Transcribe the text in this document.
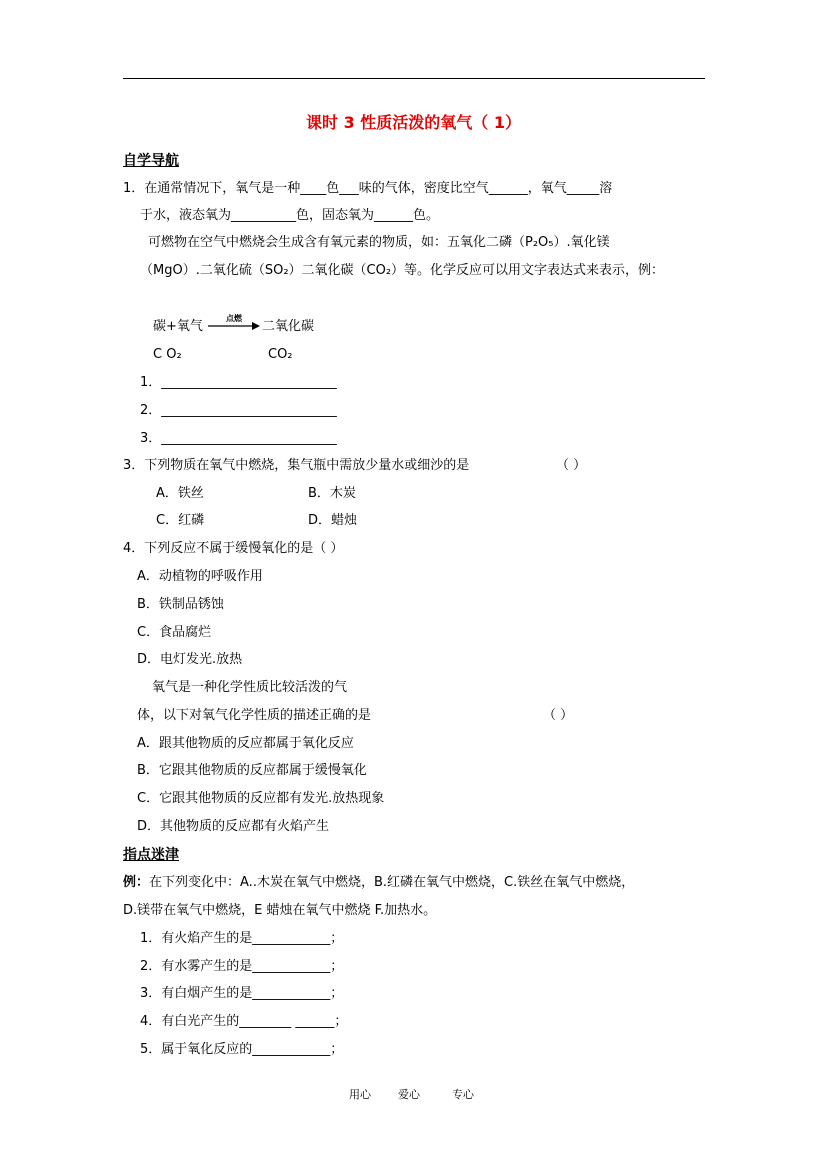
课时 3 性质活泼的氧气（ 1）
自学导航
1．在通常情况下，氧气是一种____色___味的气体，密度比空气______，氧气_____溶
于水，液态氧为__________色，固态氧为______色。
可燃物在空气中燃烧会生成含有氧元素的物质，如：五氧化二磷（P₂O₅）.氧化镁
（MgO）.二氧化硫（SO₂）二氧化碳（CO₂）等。化学反应可以用文字表达式来表示，例：
碳+氧气
点燃
→ 二氧化碳
C O₂	CO₂
1．___________________________
2．___________________________
3．___________________________
3．下列物质在氧气中燃烧，集气瓶中需放少量水或细沙的是	（ ）
A．铁丝	B．木炭
C．红磷	D．蜡烛
4．下列反应不属于缓慢氧化的是（ ）
A．动植物的呼吸作用
B．铁制品锈蚀
C．食品腐烂
D．电灯发光.放热
氧气是一种化学性质比较活泼的气
体，以下对氧气化学性质的描述正确的是	（ ）
A．跟其他物质的反应都属于氧化反应
B．它跟其他物质的反应都属于缓慢氧化
C．它跟其他物质的反应都有发光.放热现象
D．其他物质的反应都有火焰产生
指点迷津
例：在下列变化中：A..木炭在氧气中燃烧，B.红磷在氧气中燃烧，C.铁丝在氧气中燃烧，
D.镁带在氧气中燃烧，E 蜡烛在氧气中燃烧 F.加热水。
1．有火焰产生的是____________；
2．有水雾产生的是____________；
3．有白烟产生的是____________；
4．有白光产生的________ ______；
5．属于氧化反应的____________；
用心 爱心	专心
